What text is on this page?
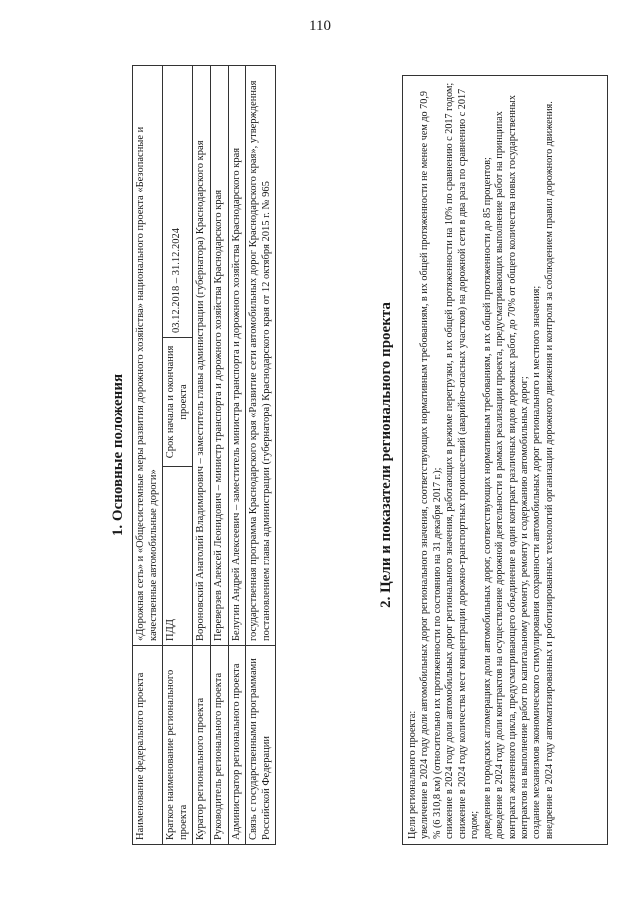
110
1. Основные положения
Наименование федерального проекта	«Дорожная сеть» и «Общесистемные меры развития дорожного хозяйства» национального проекта «Безопасные и качественные автомобильные дороги»		
Краткое наименование регионального проекта	ПДД	Срок начала и окончания проекта	03.12.2018 – 31.12.2024
Куратор регионального проекта	Вороновский Анатолий Владимирович – заместитель главы администрации (губернатора) Краснодарского края		
Руководитель регионального проекта	Переверзев Алексей Леонидович – министр транспорта и дорожного хозяйства Краснодарского края		
Администратор регионального проекта	Белугин Андрей Алексеевич – заместитель министра транспорта и дорожного хозяйства Краснодарского края		
Связь с государственными программами Российской Федерации	государственная программа Краснодарского края «Развитие сети автомобильных дорог Краснодарского края», утвержденная постановлением главы администрации (губернатора) Краснодарского края от 12 октября 2015 г. № 965			2. Цели и показатели регионального проекта

Цели регионального проекта: увеличение в 2024 году доли автомобильных дорог регионального значения, соответствующих нормативным требованиям, в их общей протяженности не менее чем до 70,9 % (6 310,8 км) (относительно их протяженности по состоянию на 31 декабря 2017 г.); снижение в 2024 году доли автомобильных дорог регионального значения, работающих в режиме перегрузки, в их общей протяженности на 10% по сравнению с 2017 годом; снижение в 2024 году количества мест концентрации дорожно-транспортных происшествий (аварийно-опасных участков) на дорожной сети в два раза по сравнению с 2017 годом; доведение в городских агломерациях доли автомобильных дорог, соответствующих нормативным требованиям, в их общей протяженности до 85 процентов; доведение в 2024 году доли контрактов на осуществление дорожной деятельности в рамках реализации проекта, предусматривающих выполнение работ на принципах контракта жизненного цикла, предусматривающего объединение в один контракт различных видов дорожных работ, до 70% от общего количества новых государственных контрактов на выполнение работ по капитальному ремонту, ремонту и содержанию автомобильных дорог; создание механизмов экономического стимулирования сохранности автомобильных дорог регионального и местного значения; внедрение в 2024 году автоматизированных и роботизированных технологий организации дорожного движения и контроля за соблюдением правил дорожного движения.
